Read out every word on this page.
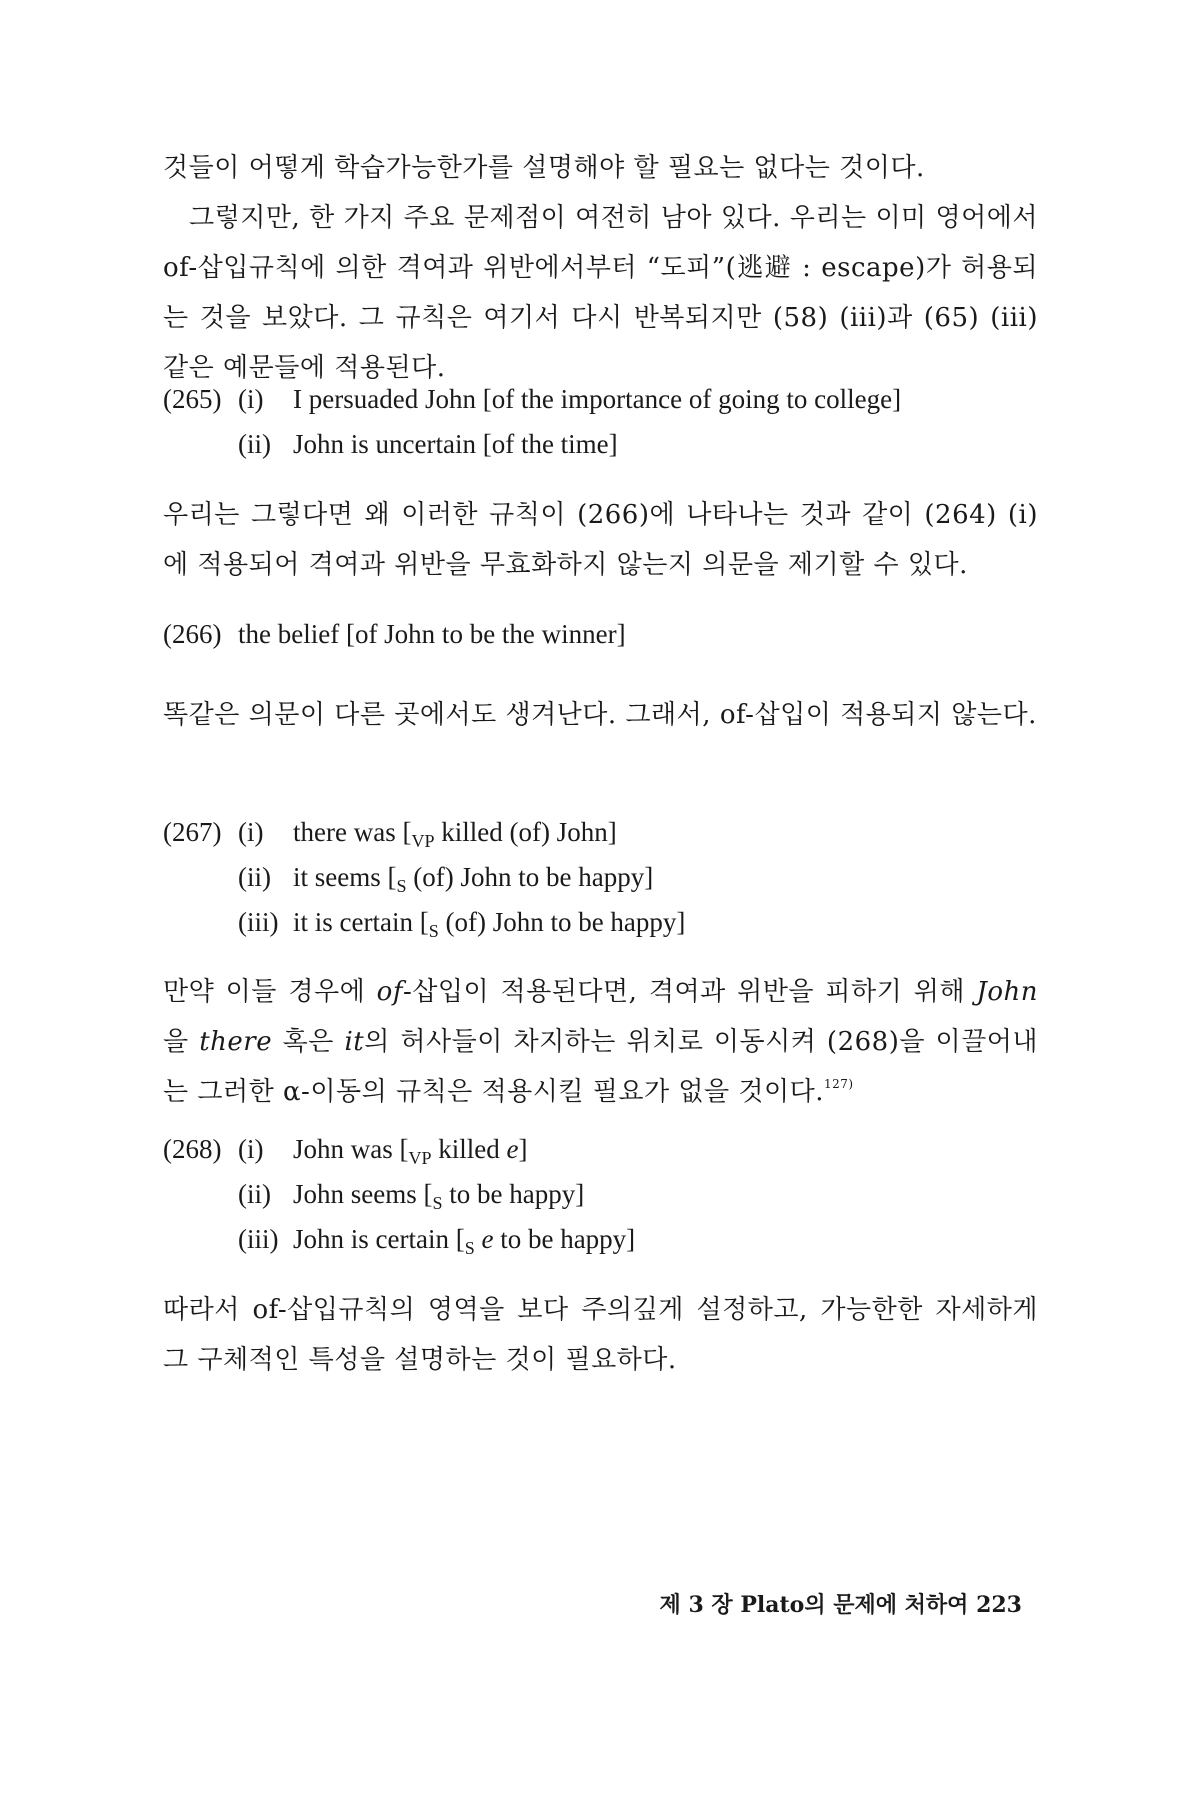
것들이 어떻게 학습가능한가를 설명해야 할 필요는 없다는 것이다.

그렇지만, 한 가지 주요 문제점이 여전히 남아 있다. 우리는 이미 영어에서 of-삽입규칙에 의한 격여과 위반에서부터 “도피”(逃避 : escape)가 허용되는 것을 보았다. 그 규칙은 여기서 다시 반복되지만 (58) (iii)과 (65) (iii) 같은 예문들에 적용된다.

(265) (i)	I persuaded John [of the importance of going to college]
(ii) John is uncertain [of the time]

우리는 그렇다면 왜 이러한 규칙이 (266)에 나타나는 것과 같이 (264) (i)에 적용되어 격여과 위반을 무효화하지 않는지 의문을 제기할 수 있다.

(266) the belief [of John to be the winner]

똑같은 의문이 다른 곳에서도 생겨난다. 그래서, of-삽입이 적용되지 않는다.

(267) (i)	there was [$_{VP}$ killed (of) John]
(ii) it seems [$_S$ (of) John to be happy]
(iii) it is certain [$_S$ (of) John to be happy]

만약 이들 경우에 of-삽입이 적용된다면, 격여과 위반을 피하기 위해 John을 there 혹은 it의 허사들이 차지하는 위치로 이동시켜 (268)을 이끌어내는 그러한 α-이동의 규칙은 적용시킬 필요가 없을 것이다.$^{127)}$

(268) (i)	John was [$_{VP}$ killed e]
(ii) John seems [$_S$ to be happy]
(iii) John is certain [$_S$ e to be happy]

따라서 of-삽입규칙의 영역을 보다 주의깊게 설정하고, 가능한한 자세하게 그 구체적인 특성을 설명하는 것이 필요하다.

제 3 장 Plato의 문제에 처하여 223
